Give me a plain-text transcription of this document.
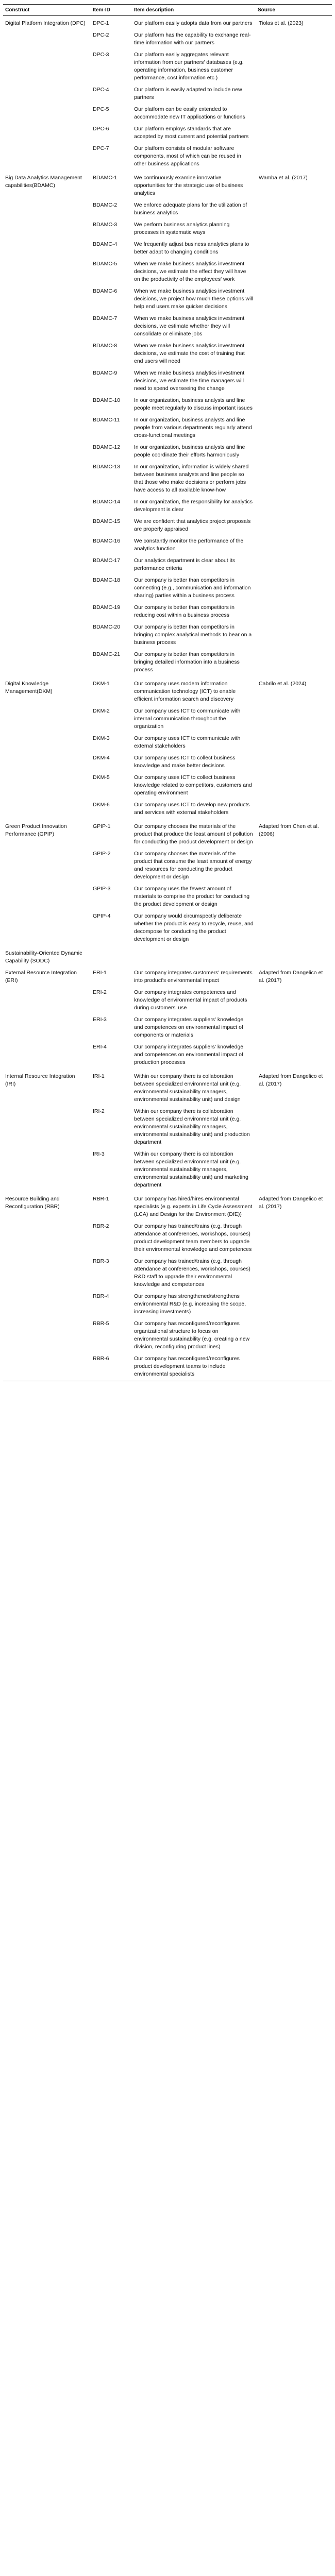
Construct	Item-ID	Item description	Source
Digital Platform Integration (DPC)	DPC-1	Our platform easily adopts data from our partners	Tiolas et al. (2023)
	DPC-2	Our platform has the capability to exchange real-time information with our partners	
	DPC-3	Our platform easily aggregates relevant information from our partners' databases (e.g. operating information, business customer performance, cost information etc.)	
	DPC-4	Our platform is easily adapted to include new partners	
	DPC-5	Our platform can be easily extended to accommodate new IT applications or functions	
	DPC-6	Our platform employs standards that are accepted by most current and potential partners	
	DPC-7	Our platform consists of modular software components, most of which can be reused in other business applications	
Big Data Analytics Management capabilities(BDAMC)	BDAMC-1	We continuously examine innovative opportunities for the strategic use of business analytics	Wamba et al. (2017)
	BDAMC-2	We enforce adequate plans for the utilization of business analytics	
	BDAMC-3	We perform business analytics planning processes in systematic ways	
	BDAMC-4	We frequently adjust business analytics plans to better adapt to changing conditions	
	BDAMC-5	When we make business analytics investment decisions, we estimate the effect they will have on the productivity of the employees' work	
	BDAMC-6	When we make business analytics investment decisions, we project how much these options will help end users make quicker decisions	
	BDAMC-7	When we make business analytics investment decisions, we estimate whether they will consolidate or eliminate jobs	
	BDAMC-8	When we make business analytics investment decisions, we estimate the cost of training that end users will need	
	BDAMC-9	When we make business analytics investment decisions, we estimate the time managers will need to spend overseeing the change	
	BDAMC-10	In our organization, business analysts and line people meet regularly to discuss important issues	
	BDAMC-11	In our organization, business analysts and line people from various departments regularly attend cross-functional meetings	
	BDAMC-12	In our organization, business analysts and line people coordinate their efforts harmoniously	
	BDAMC-13	In our organization, information is widely shared between business analysts and line people so that those who make decisions or perform jobs have access to all available know-how	
	BDAMC-14	In our organization, the responsibility for analytics development is clear	
	BDAMC-15	We are confident that analytics project proposals are properly appraised	
	BDAMC-16	We constantly monitor the performance of the analytics function	
	BDAMC-17	Our analytics department is clear about its performance criteria	
	BDAMC-18	Our company is better than competitors in connecting (e.g., communication and information sharing) parties within a business process	
	BDAMC-19	Our company is better than competitors in reducing cost within a business process	
	BDAMC-20	Our company is better than competitors in bringing complex analytical methods to bear on a business process	
	BDAMC-21	Our company is better than competitors in bringing detailed information into a business process	
Digital Knowledge Management(DKM)	DKM-1	Our company uses modern information communication technology (ICT) to enable efficient information search and discovery	Cabrilo et al. (2024)
	DKM-2	Our company uses ICT to communicate with internal communication throughout the organization	
	DKM-3	Our company uses ICT to communicate with external stakeholders	
	DKM-4	Our company uses ICT to collect business knowledge and make better decisions	
	DKM-5	Our company uses ICT to collect business knowledge related to competitors, customers and operating environment	
	DKM-6	Our company uses ICT to develop new products and services with external stakeholders	
Green Product Innovation Performance (GPIP)	GPIP-1	Our company chooses the materials of the product that produce the least amount of pollution for conducting the product development or design	Adapted from Chen et al. (2006)
	GPIP-2	Our company chooses the materials of the product that consume the least amount of energy and resources for conducting the product development or design	
	GPIP-3	Our company uses the fewest amount of materials to comprise the product for conducting the product development or design	
	GPIP-4	Our company would circumspectly deliberate whether the product is easy to recycle, reuse, and decompose for conducting the product development or design	
Sustainability-Oriented Dynamic Capability (SODC)			
External Resource Integration (ERI)	ERI-1	Our company integrates customers' requirements into product's environmental impact	Adapted from Dangelico et al. (2017)
	ERI-2	Our company integrates competences and knowledge of environmental impact of products during customers' use	
	ERI-3	Our company integrates suppliers' knowledge and competences on environmental impact of components or materials	
	ERI-4	Our company integrates suppliers' knowledge and competences on environmental impact of production processes	
Internal Resource Integration (IRI)	IRI-1	Within our company there is collaboration between specialized environmental unit (e.g. environmental sustainability managers, environmental sustainability unit) and design	Adapted from Dangelico et al. (2017)
	IRI-2	Within our company there is collaboration between specialized environmental unit (e.g. environmental sustainability managers, environmental sustainability unit) and production department	
	IRI-3	Within our company there is collaboration between specialized environmental unit (e.g. environmental sustainability managers, environmental sustainability unit) and marketing department	
Resource Building and Reconfiguration (RBR)	RBR-1	Our company has hired/hires environmental specialists (e.g. experts in Life Cycle Assessment (LCA) and Design for the Environment (DfE))	Adapted from Dangelico et al. (2017)
	RBR-2	Our company has trained/trains (e.g. through attendance at conferences, workshops, courses) product development team members to upgrade their environmental knowledge and competences	
	RBR-3	Our company has trained/trains (e.g. through attendance at conferences, workshops, courses) R&D staff to upgrade their environmental knowledge and competences	
	RBR-4	Our company has strengthened/strengthens environmental R&D (e.g. increasing the scope, increasing investments)	
	RBR-5	Our company has reconfigured/reconfigures organizational structure to focus on environmental sustainability (e.g. creating a new division, reconfiguring product lines)	
	RBR-6	Our company has reconfigured/reconfigures product development teams to include environmental specialists	
